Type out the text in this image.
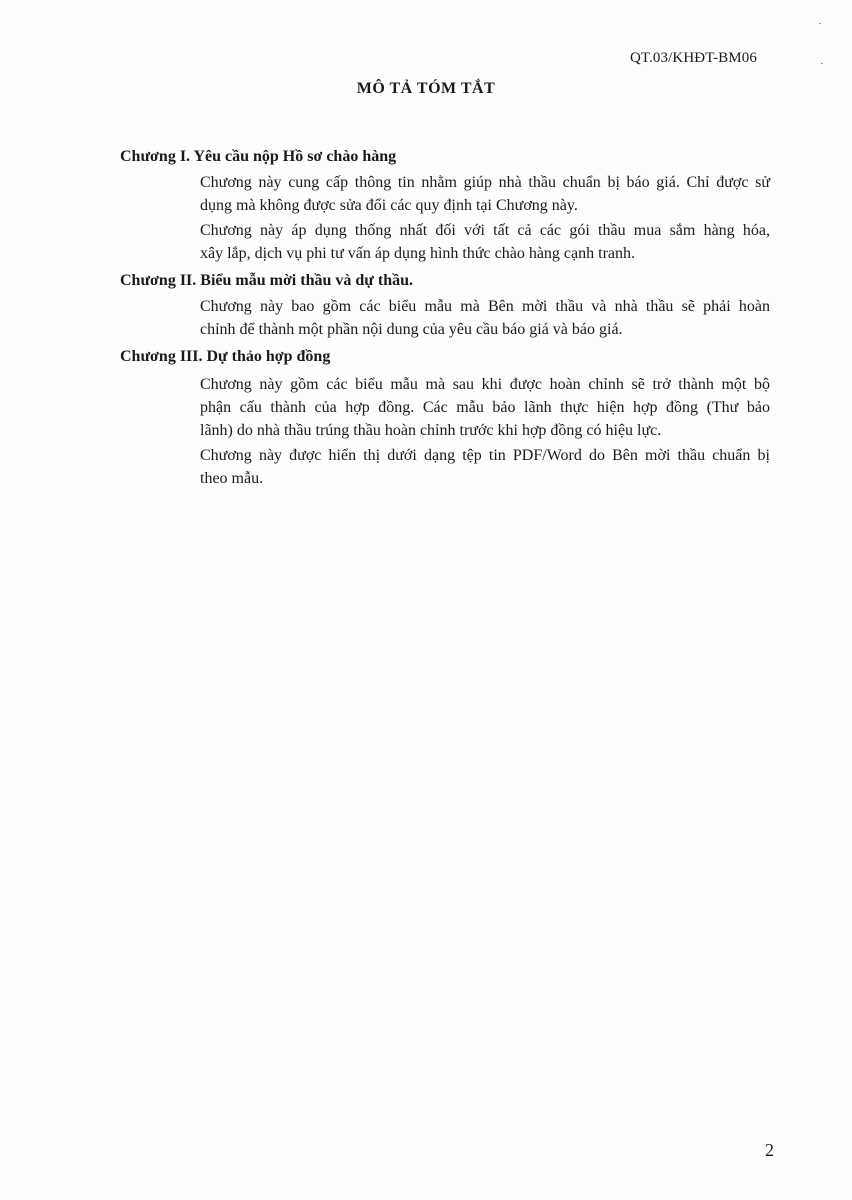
QT.03/KHĐT-BM06
MÔ TẢ TÓM TẮT
Chương I. Yêu cầu nộp Hồ sơ chào hàng
Chương này cung cấp thông tin nhằm giúp nhà thầu chuẩn bị báo giá. Chỉ được sử
dụng mà không được sửa đổi các quy định tại Chương này.
Chương này áp dụng thống nhất đối với tất cả các gói thầu mua sắm hàng hóa,
xây lắp, dịch vụ phi tư vấn áp dụng hình thức chào hàng cạnh tranh.
Chương II. Biểu mẫu mời thầu và dự thầu.
Chương này bao gồm các biểu mẫu mà Bên mời thầu và nhà thầu sẽ phải hoàn
chỉnh để thành một phần nội dung của yêu cầu báo giá và báo giá.
Chương III. Dự thảo hợp đồng
Chương này gồm các biểu mẫu mà sau khi được hoàn chỉnh sẽ trở thành một bộ
phận cấu thành của hợp đồng. Các mẫu bảo lãnh thực hiện hợp đồng (Thư bảo
lãnh) do nhà thầu trúng thầu hoàn chỉnh trước khi hợp đồng có hiệu lực.
Chương này được hiển thị dưới dạng tệp tin PDF/Word do Bên mời thầu chuẩn bị
theo mẫu.
2
·
·
